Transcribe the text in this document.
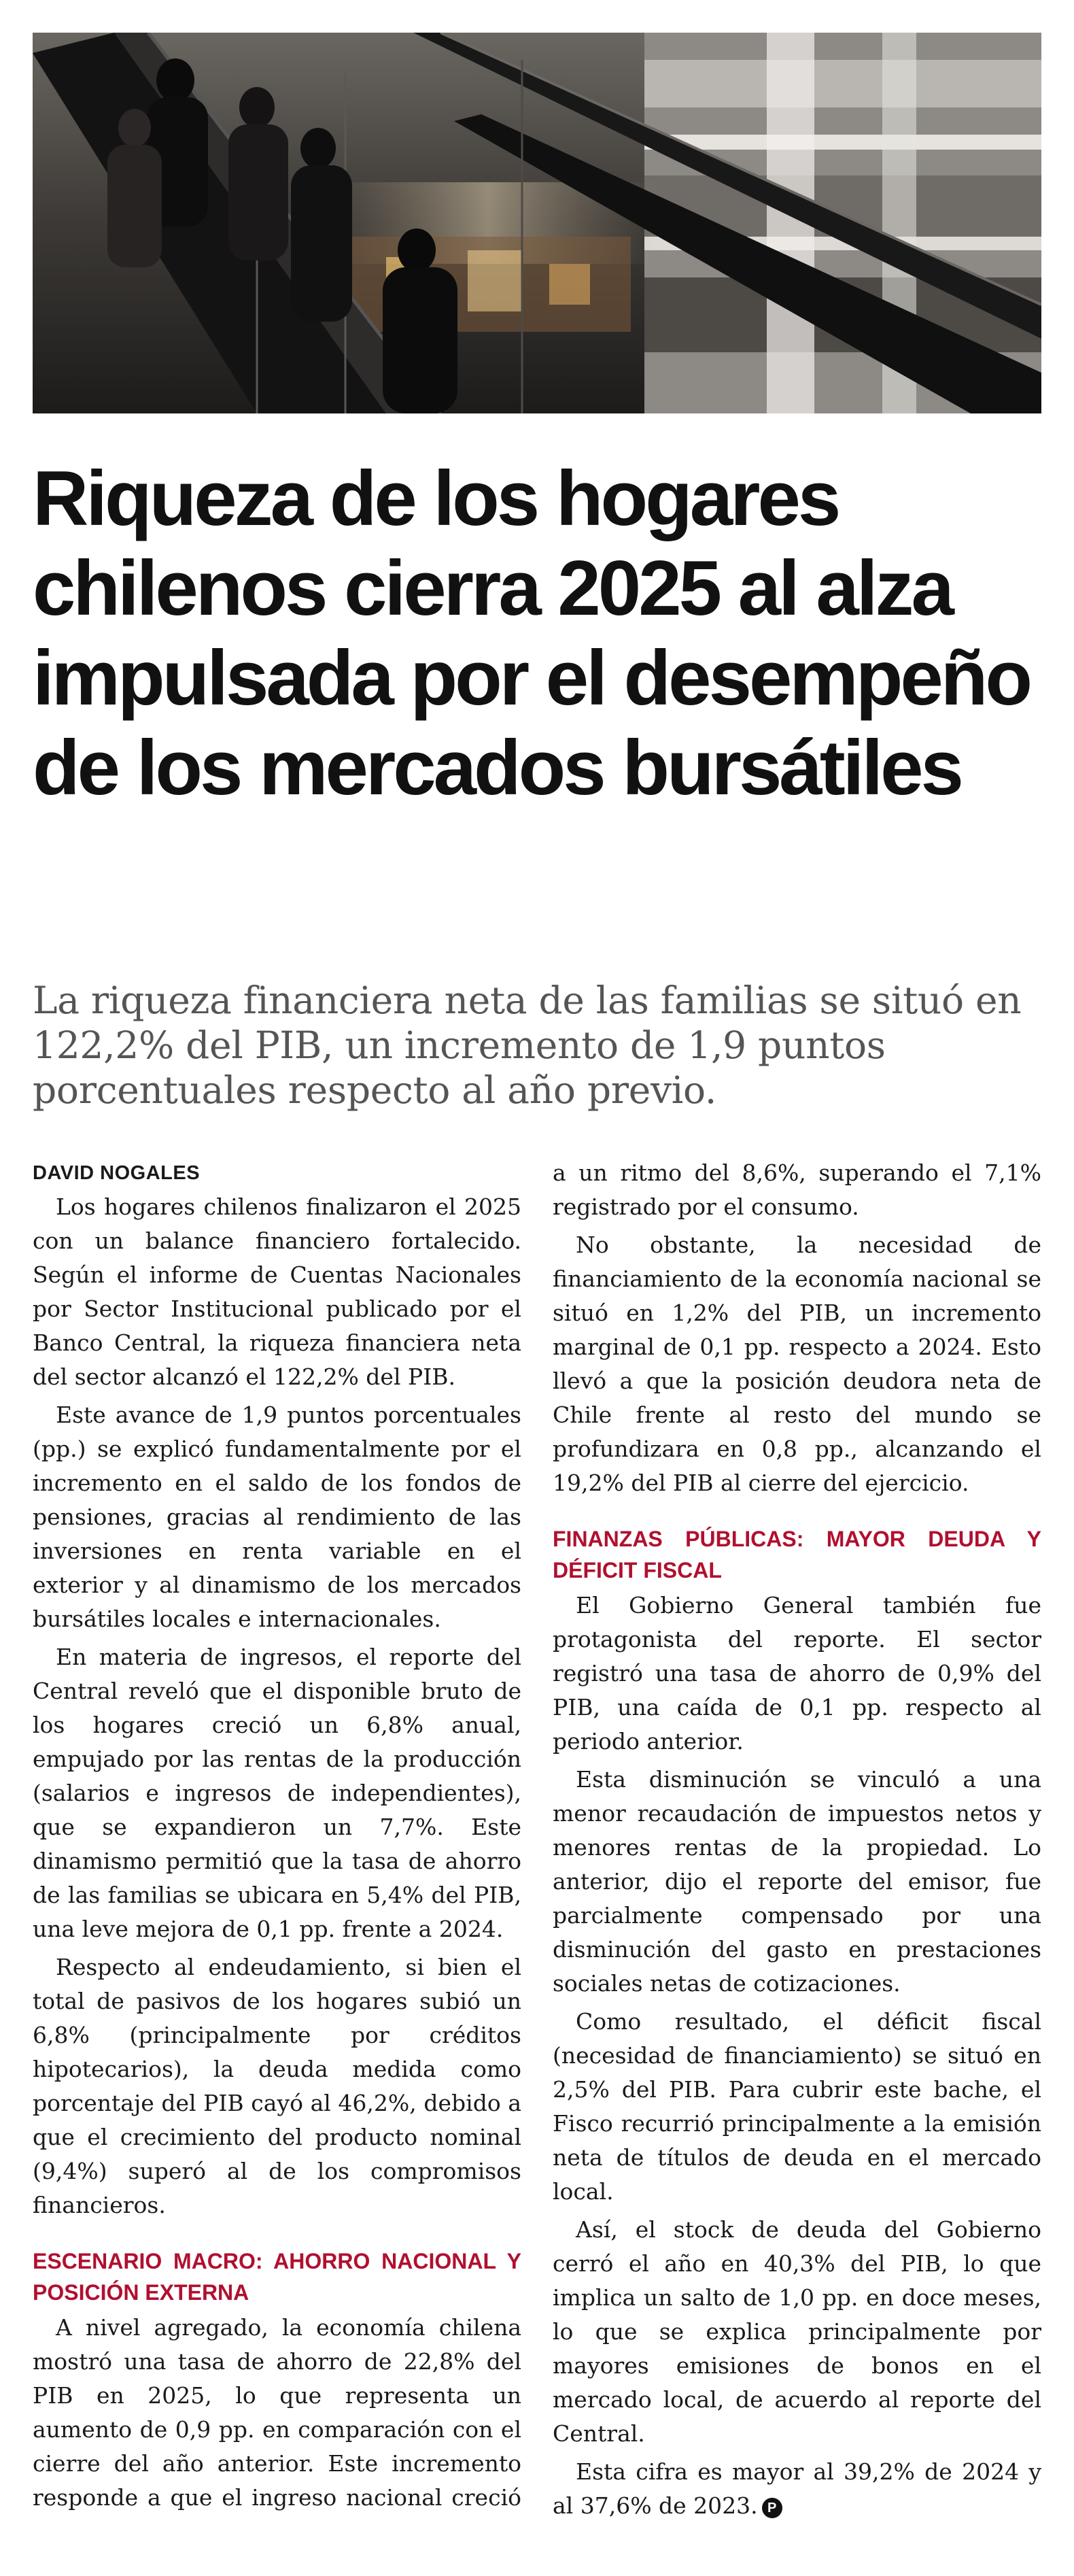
Riqueza de los hogares chilenos cierra 2025 al alza impulsada por el desempeño de los mercados bursátiles

La riqueza financiera neta de las familias se situó en 122,2% del PIB, un incremento de 1,9 puntos porcentuales respecto al año previo.

DAVID NOGALES

Los hogares chilenos finalizaron el 2025 con un balance financiero fortalecido. Según el informe de Cuentas Nacionales por Sector Institucional publicado por el Banco Central, la riqueza financiera neta del sector alcanzó el 122,2% del PIB.

Este avance de 1,9 puntos porcentuales (pp.) se explicó fundamentalmente por el incremento en el saldo de los fondos de pensiones, gracias al rendimiento de las inversiones en renta variable en el exterior y al dinamismo de los mercados bursátiles locales e internacionales.

En materia de ingresos, el reporte del Central reveló que el disponible bruto de los hogares creció un 6,8% anual, empujado por las rentas de la producción (salarios e ingresos de independientes), que se expandieron un 7,7%. Este dinamismo permitió que la tasa de ahorro de las familias se ubicara en 5,4% del PIB, una leve mejora de 0,1 pp. frente a 2024.

Respecto al endeudamiento, si bien el total de pasivos de los hogares subió un 6,8% (principalmente por créditos hipotecarios), la deuda medida como porcentaje del PIB cayó al 46,2%, debido a que el crecimiento del producto nominal (9,4%) superó al de los compromisos financieros.

ESCENARIO MACRO: AHORRO NACIONAL Y POSICIÓN EXTERNA

A nivel agregado, la economía chilena mostró una tasa de ahorro de 22,8% del PIB en 2025, lo que representa un aumento de 0,9 pp. en comparación con el cierre del año anterior. Este incremento responde a que el ingreso nacional creció a un ritmo del 8,6%, superando el 7,1% registrado por el consumo.

No obstante, la necesidad de financiamiento de la economía nacional se situó en 1,2% del PIB, un incremento marginal de 0,1 pp. respecto a 2024. Esto llevó a que la posición deudora neta de Chile frente al resto del mundo se profundizara en 0,8 pp., alcanzando el 19,2% del PIB al cierre del ejercicio.

FINANZAS PÚBLICAS: MAYOR DEUDA Y DÉFICIT FISCAL

El Gobierno General también fue protagonista del reporte. El sector registró una tasa de ahorro de 0,9% del PIB, una caída de 0,1 pp. respecto al periodo anterior.

Esta disminución se vinculó a una menor recaudación de impuestos netos y menores rentas de la propiedad. Lo anterior, dijo el reporte del emisor, fue parcialmente compensado por una disminución del gasto en prestaciones sociales netas de cotizaciones.

Como resultado, el déficit fiscal (necesidad de financiamiento) se situó en 2,5% del PIB. Para cubrir este bache, el Fisco recurrió principalmente a la emisión neta de títulos de deuda en el mercado local.

Así, el stock de deuda del Gobierno cerró el año en 40,3% del PIB, lo que implica un salto de 1,0 pp. en doce meses, lo que se explica principalmente por mayores emisiones de bonos en el mercado local, de acuerdo al reporte del Central.

Esta cifra es mayor al 39,2% de 2024 y al 37,6% de 2023. P
